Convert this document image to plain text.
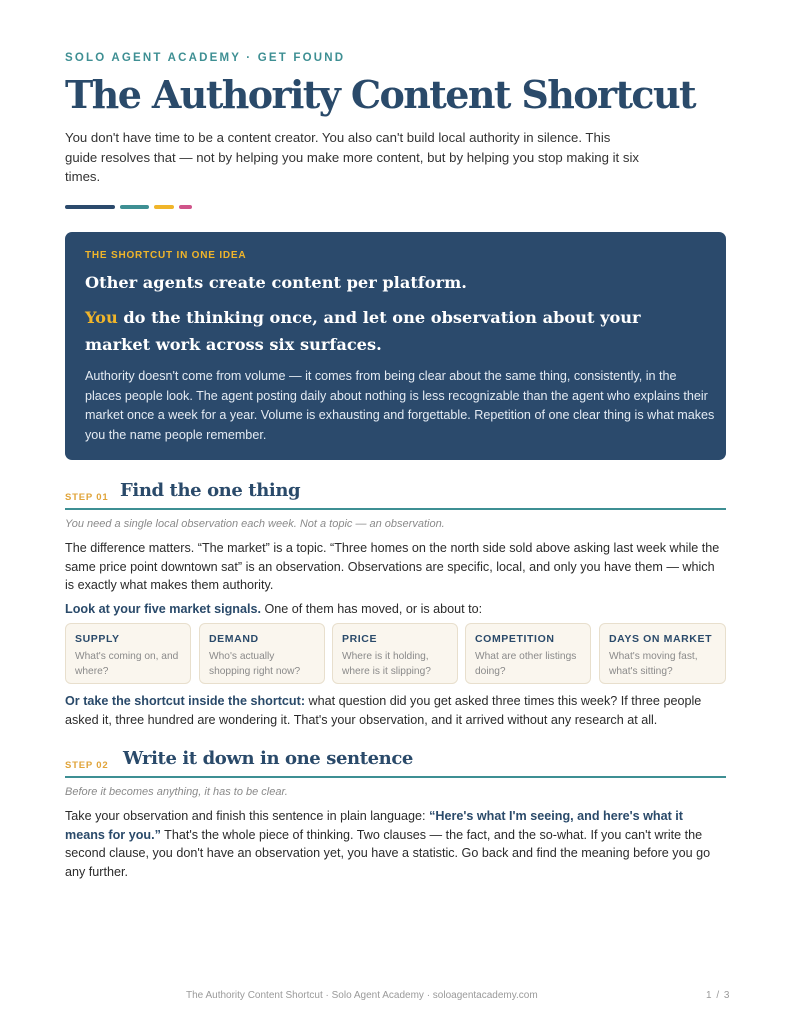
SOLO AGENT ACADEMY · GET FOUND
The Authority Content Shortcut

You don't have time to be a content creator. You also can't build local authority in silence. This guide resolves that — not by helping you make more content, but by helping you stop making it six times.

THE SHORTCUT IN ONE IDEA

Other agents create content per platform.

You do the thinking once, and let one observation about your market work across six surfaces.

Authority doesn't come from volume — it comes from being clear about the same thing, consistently, in the places people look. The agent posting daily about nothing is less recognizable than the agent who explains their market once a week for a year. Volume is exhausting and forgettable. Repetition of one clear thing is what makes you the name people remember.

STEP 01 Find the one thing

You need a single local observation each week. Not a topic — an observation.

The difference matters. “The market” is a topic. “Three homes on the north side sold above asking last week while the same price point downtown sat” is an observation. Observations are specific, local, and only you have them — which is exactly what makes them authority.

Look at your five market signals. One of them has moved, or is about to:

SUPPLY
What's coming on, and where?
DEMAND
Who's actually shopping right now?
PRICE
Where is it holding, where is it slipping?
COMPETITION
What are other listings doing?
DAYS ON MARKET
What's moving fast, what's sitting?

Or take the shortcut inside the shortcut: what question did you get asked three times this week? If three people asked it, three hundred are wondering it. That's your observation, and it arrived without any research at all.

STEP 02 Write it down in one sentence

Before it becomes anything, it has to be clear.

Take your observation and finish this sentence in plain language: “Here's what I'm seeing, and here's what it means for you.” That's the whole piece of thinking. Two clauses — the fact, and the so-what. If you can't write the second clause, you don't have an observation yet, you have a statistic. Go back and find the meaning before you go any further.

The Authority Content Shortcut · Solo Agent Academy · soloagentacademy.com	1 / 3
